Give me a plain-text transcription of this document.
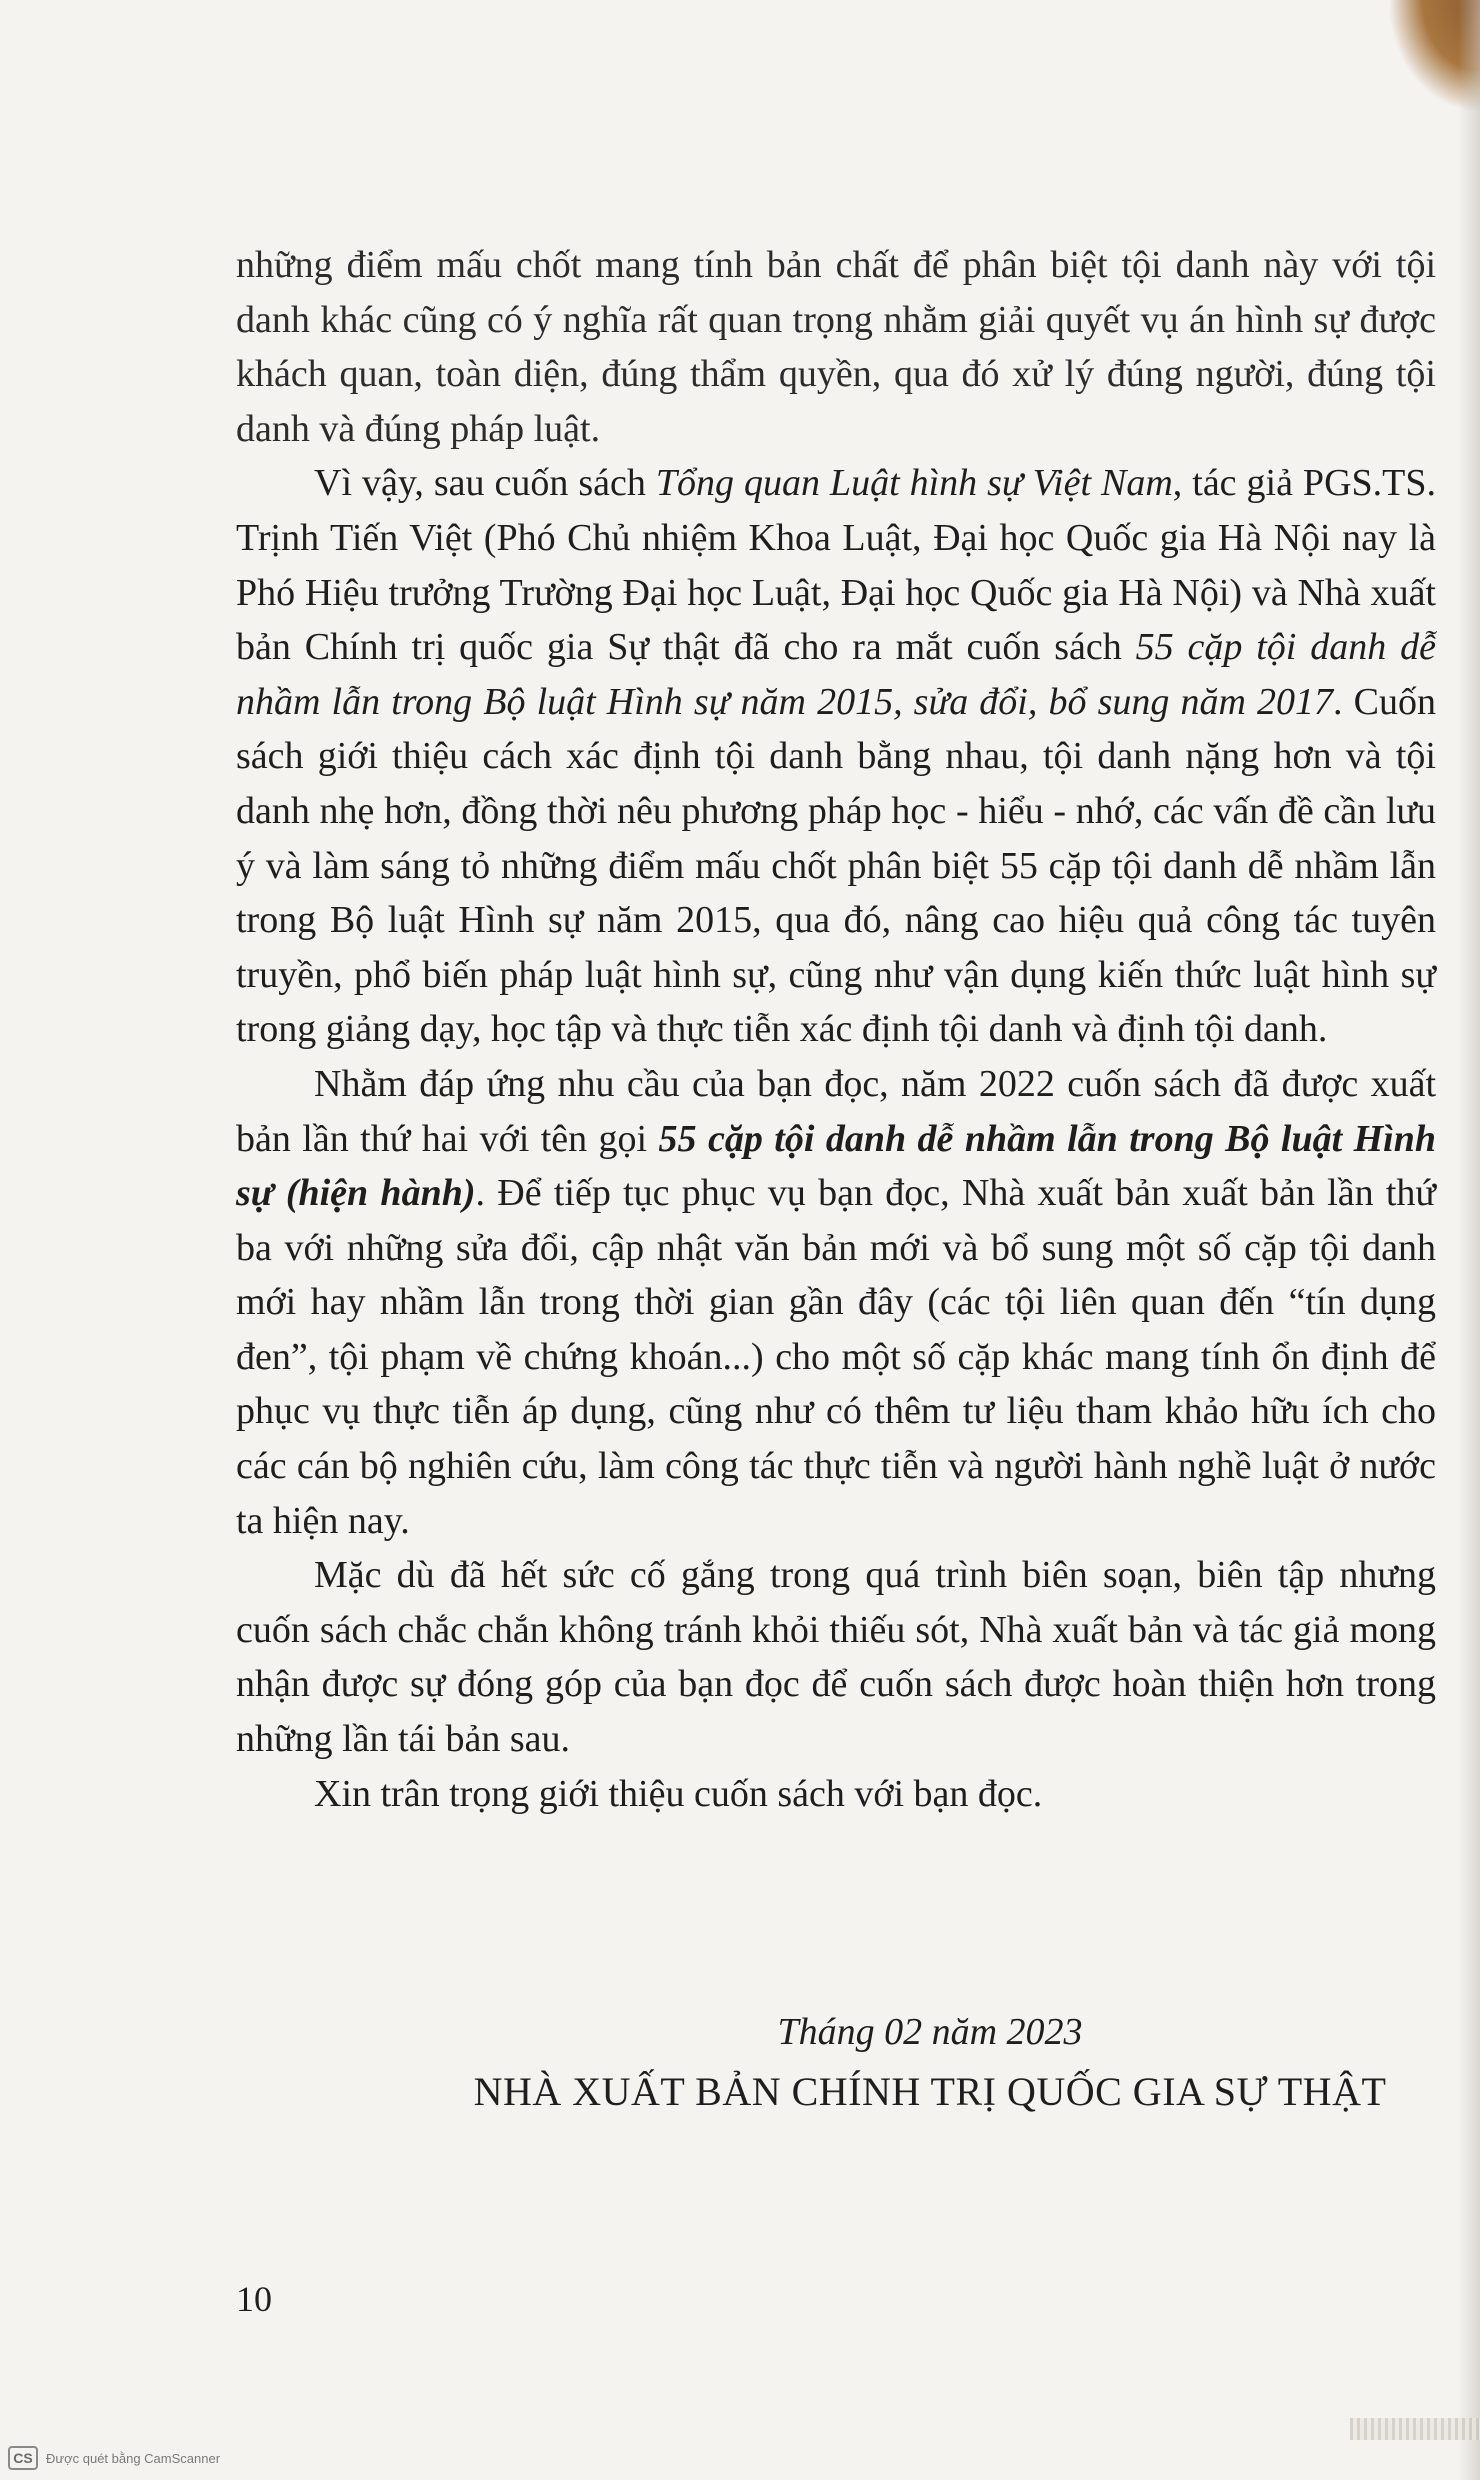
những điểm mấu chốt mang tính bản chất để phân biệt tội danh này với tội danh khác cũng có ý nghĩa rất quan trọng nhằm giải quyết vụ án hình sự được khách quan, toàn diện, đúng thẩm quyền, qua đó xử lý đúng người, đúng tội danh và đúng pháp luật.

Vì vậy, sau cuốn sách Tổng quan Luật hình sự Việt Nam, tác giả PGS.TS. Trịnh Tiến Việt (Phó Chủ nhiệm Khoa Luật, Đại học Quốc gia Hà Nội nay là Phó Hiệu trưởng Trường Đại học Luật, Đại học Quốc gia Hà Nội) và Nhà xuất bản Chính trị quốc gia Sự thật đã cho ra mắt cuốn sách 55 cặp tội danh dễ nhầm lẫn trong Bộ luật Hình sự năm 2015, sửa đổi, bổ sung năm 2017. Cuốn sách giới thiệu cách xác định tội danh bằng nhau, tội danh nặng hơn và tội danh nhẹ hơn, đồng thời nêu phương pháp học - hiểu - nhớ, các vấn đề cần lưu ý và làm sáng tỏ những điểm mấu chốt phân biệt 55 cặp tội danh dễ nhầm lẫn trong Bộ luật Hình sự năm 2015, qua đó, nâng cao hiệu quả công tác tuyên truyền, phổ biến pháp luật hình sự, cũng như vận dụng kiến thức luật hình sự trong giảng dạy, học tập và thực tiễn xác định tội danh và định tội danh.

Nhằm đáp ứng nhu cầu của bạn đọc, năm 2022 cuốn sách đã được xuất bản lần thứ hai với tên gọi 55 cặp tội danh dễ nhầm lẫn trong Bộ luật Hình sự (hiện hành). Để tiếp tục phục vụ bạn đọc, Nhà xuất bản xuất bản lần thứ ba với những sửa đổi, cập nhật văn bản mới và bổ sung một số cặp tội danh mới hay nhầm lẫn trong thời gian gần đây (các tội liên quan đến “tín dụng đen”, tội phạm về chứng khoán...) cho một số cặp khác mang tính ổn định để phục vụ thực tiễn áp dụng, cũng như có thêm tư liệu tham khảo hữu ích cho các cán bộ nghiên cứu, làm công tác thực tiễn và người hành nghề luật ở nước ta hiện nay.

Mặc dù đã hết sức cố gắng trong quá trình biên soạn, biên tập nhưng cuốn sách chắc chắn không tránh khỏi thiếu sót, Nhà xuất bản và tác giả mong nhận được sự đóng góp của bạn đọc để cuốn sách được hoàn thiện hơn trong những lần tái bản sau.

Xin trân trọng giới thiệu cuốn sách với bạn đọc.

Tháng 02 năm 2023
NHÀ XUẤT BẢN CHÍNH TRỊ QUỐC GIA SỰ THẬT
10
CS	Được quét bằng CamScanner
